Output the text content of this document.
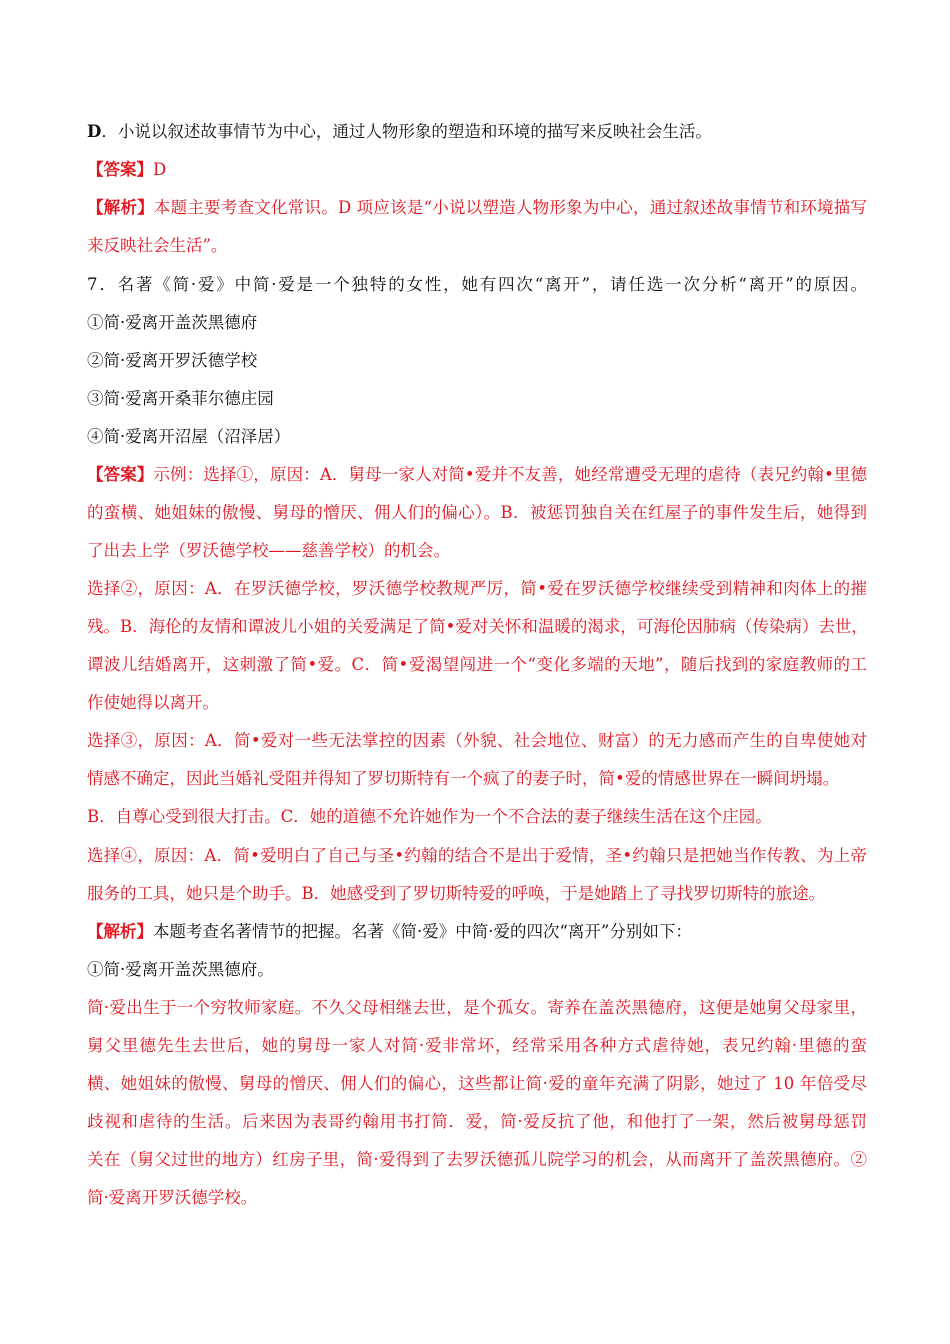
D．小说以叙述故事情节为中心，通过人物形象的塑造和环境的描写来反映社会生活。
【答案】D
【解析】本题主要考查文化常识。D 项应该是“小说以塑造人物形象为中心，通过叙述故事情节和环境描写
来反映社会生活”。
7．名著《简·爱》中简·爱是一个独特的女性，她有四次“离开”，请任选一次分析“离开”的原因。
①简·爱离开盖茨黑德府
②简·爱离开罗沃德学校
③简·爱离开桑菲尔德庄园
④简·爱离开沼屋（沼泽居）
【答案】示例：选择①，原因：A．舅母一家人对简•爱并不友善，她经常遭受无理的虐待（表兄约翰•里德
的蛮横、她姐妹的傲慢、舅母的憎厌、佣人们的偏心）。B．被惩罚独自关在红屋子的事件发生后，她得到
了出去上学（罗沃德学校——慈善学校）的机会。
选择②，原因：A．在罗沃德学校，罗沃德学校教规严厉，简•爱在罗沃德学校继续受到精神和肉体上的摧
残。B．海伦的友情和谭波儿小姐的关爱满足了简•爱对关怀和温暖的渴求，可海伦因肺病（传染病）去世，
谭波儿结婚离开，这刺激了简•爱。C．简•爱渴望闯进一个“变化多端的天地”，随后找到的家庭教师的工
作使她得以离开。
选择③，原因：A．简•爱对一些无法掌控的因素（外貌、社会地位、财富）的无力感而产生的自卑使她对
情感不确定，因此当婚礼受阻并得知了罗切斯特有一个疯了的妻子时，简•爱的情感世界在一瞬间坍塌。
B．自尊心受到很大打击。C．她的道德不允许她作为一个不合法的妻子继续生活在这个庄园。
选择④，原因：A．简•爱明白了自己与圣•约翰的结合不是出于爱情，圣•约翰只是把她当作传教、为上帝
服务的工具，她只是个助手。B．她感受到了罗切斯特爱的呼唤，于是她踏上了寻找罗切斯特的旅途。
【解析】本题考查名著情节的把握。名著《简·爱》中简·爱的四次“离开”分别如下：
①简·爱离开盖茨黑德府。
简·爱出生于一个穷牧师家庭。不久父母相继去世，是个孤女。寄养在盖茨黑德府，这便是她舅父母家里，
舅父里德先生去世后，她的舅母一家人对简·爱非常坏，经常采用各种方式虐待她，表兄约翰·里德的蛮
横、她姐妹的傲慢、舅母的憎厌、佣人们的偏心，这些都让简·爱的童年充满了阴影，她过了 10 年倍受尽
歧视和虐待的生活。后来因为表哥约翰用书打简．爱，简·爱反抗了他，和他打了一架，然后被舅母惩罚
关在（舅父过世的地方）红房子里，简·爱得到了去罗沃德孤儿院学习的机会，从而离开了盖茨黑德府。②
简·爱离开罗沃德学校。
